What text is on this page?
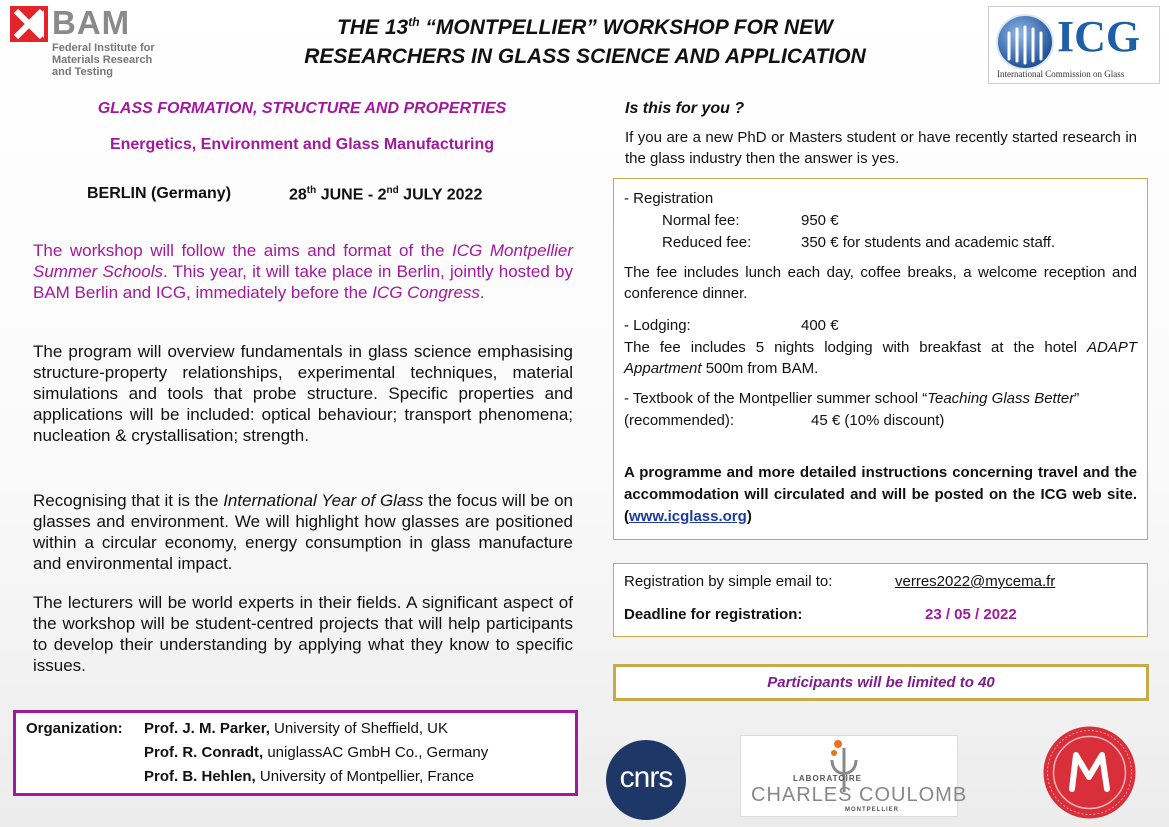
BAM
Federal Institute for
Materials Research
and Testing
THE 13th “MONTPELLIER” WORKSHOP FOR NEW
RESEARCHERS IN GLASS SCIENCE AND APPLICATION	ICG
International Commission on Glass
GLASS FORMATION, STRUCTURE AND PROPERTIES
Energetics, Environment and Glass Manufacturing
BERLIN (Germany)	28th JUNE - 2nd JULY 2022
The workshop will follow the aims and format of the ICG Montpellier Summer Schools. This year, it will take place in Berlin, jointly hosted by BAM Berlin and ICG, immediately before the ICG Congress.
The program will overview fundamentals in glass science emphasising structure-property relationships, experimental techniques, material simulations and tools that probe structure. Specific properties and applications will be included: optical behaviour; transport phenomena; nucleation & crystallisation; strength.
Recognising that it is the International Year of Glass the focus will be on glasses and environment. We will highlight how glasses are positioned within a circular economy, energy consumption in glass manufacture and environmental impact.
The lecturers will be world experts in their fields. A significant aspect of the workshop will be student-centred projects that will help participants to develop their understanding by applying what they know to specific issues.
Organization: Prof. J. M. Parker, University of Sheffield, UK
Prof. R. Conradt, uniglassAC GmbH Co., Germany
Prof. B. Hehlen, University of Montpellier, France
Is this for you ?
If you are a new PhD or Masters student or have recently started research in the glass industry then the answer is yes.
- Registration
Normal fee:	950 €
Reduced fee:	350 € for students and academic staff.
The fee includes lunch each day, coffee breaks, a welcome reception and conference dinner.
- Lodging:	400 €
The fee includes 5 nights lodging with breakfast at the hotel ADAPT Appartment 500m from BAM.
- Textbook of the Montpellier summer school “Teaching Glass Better”
(recommended):	45 € (10% discount)
A programme and more detailed instructions concerning travel and the accommodation will circulated and will be posted on the ICG web site. (www.icglass.org)
Registration by simple email to:	verres2022@mycema.fr
Deadline for registration:	23 / 05 / 2022
Participants will be limited to 40
cnrs	LABORATOIRE
CHARLES COULOMB
MONTPELLIER
